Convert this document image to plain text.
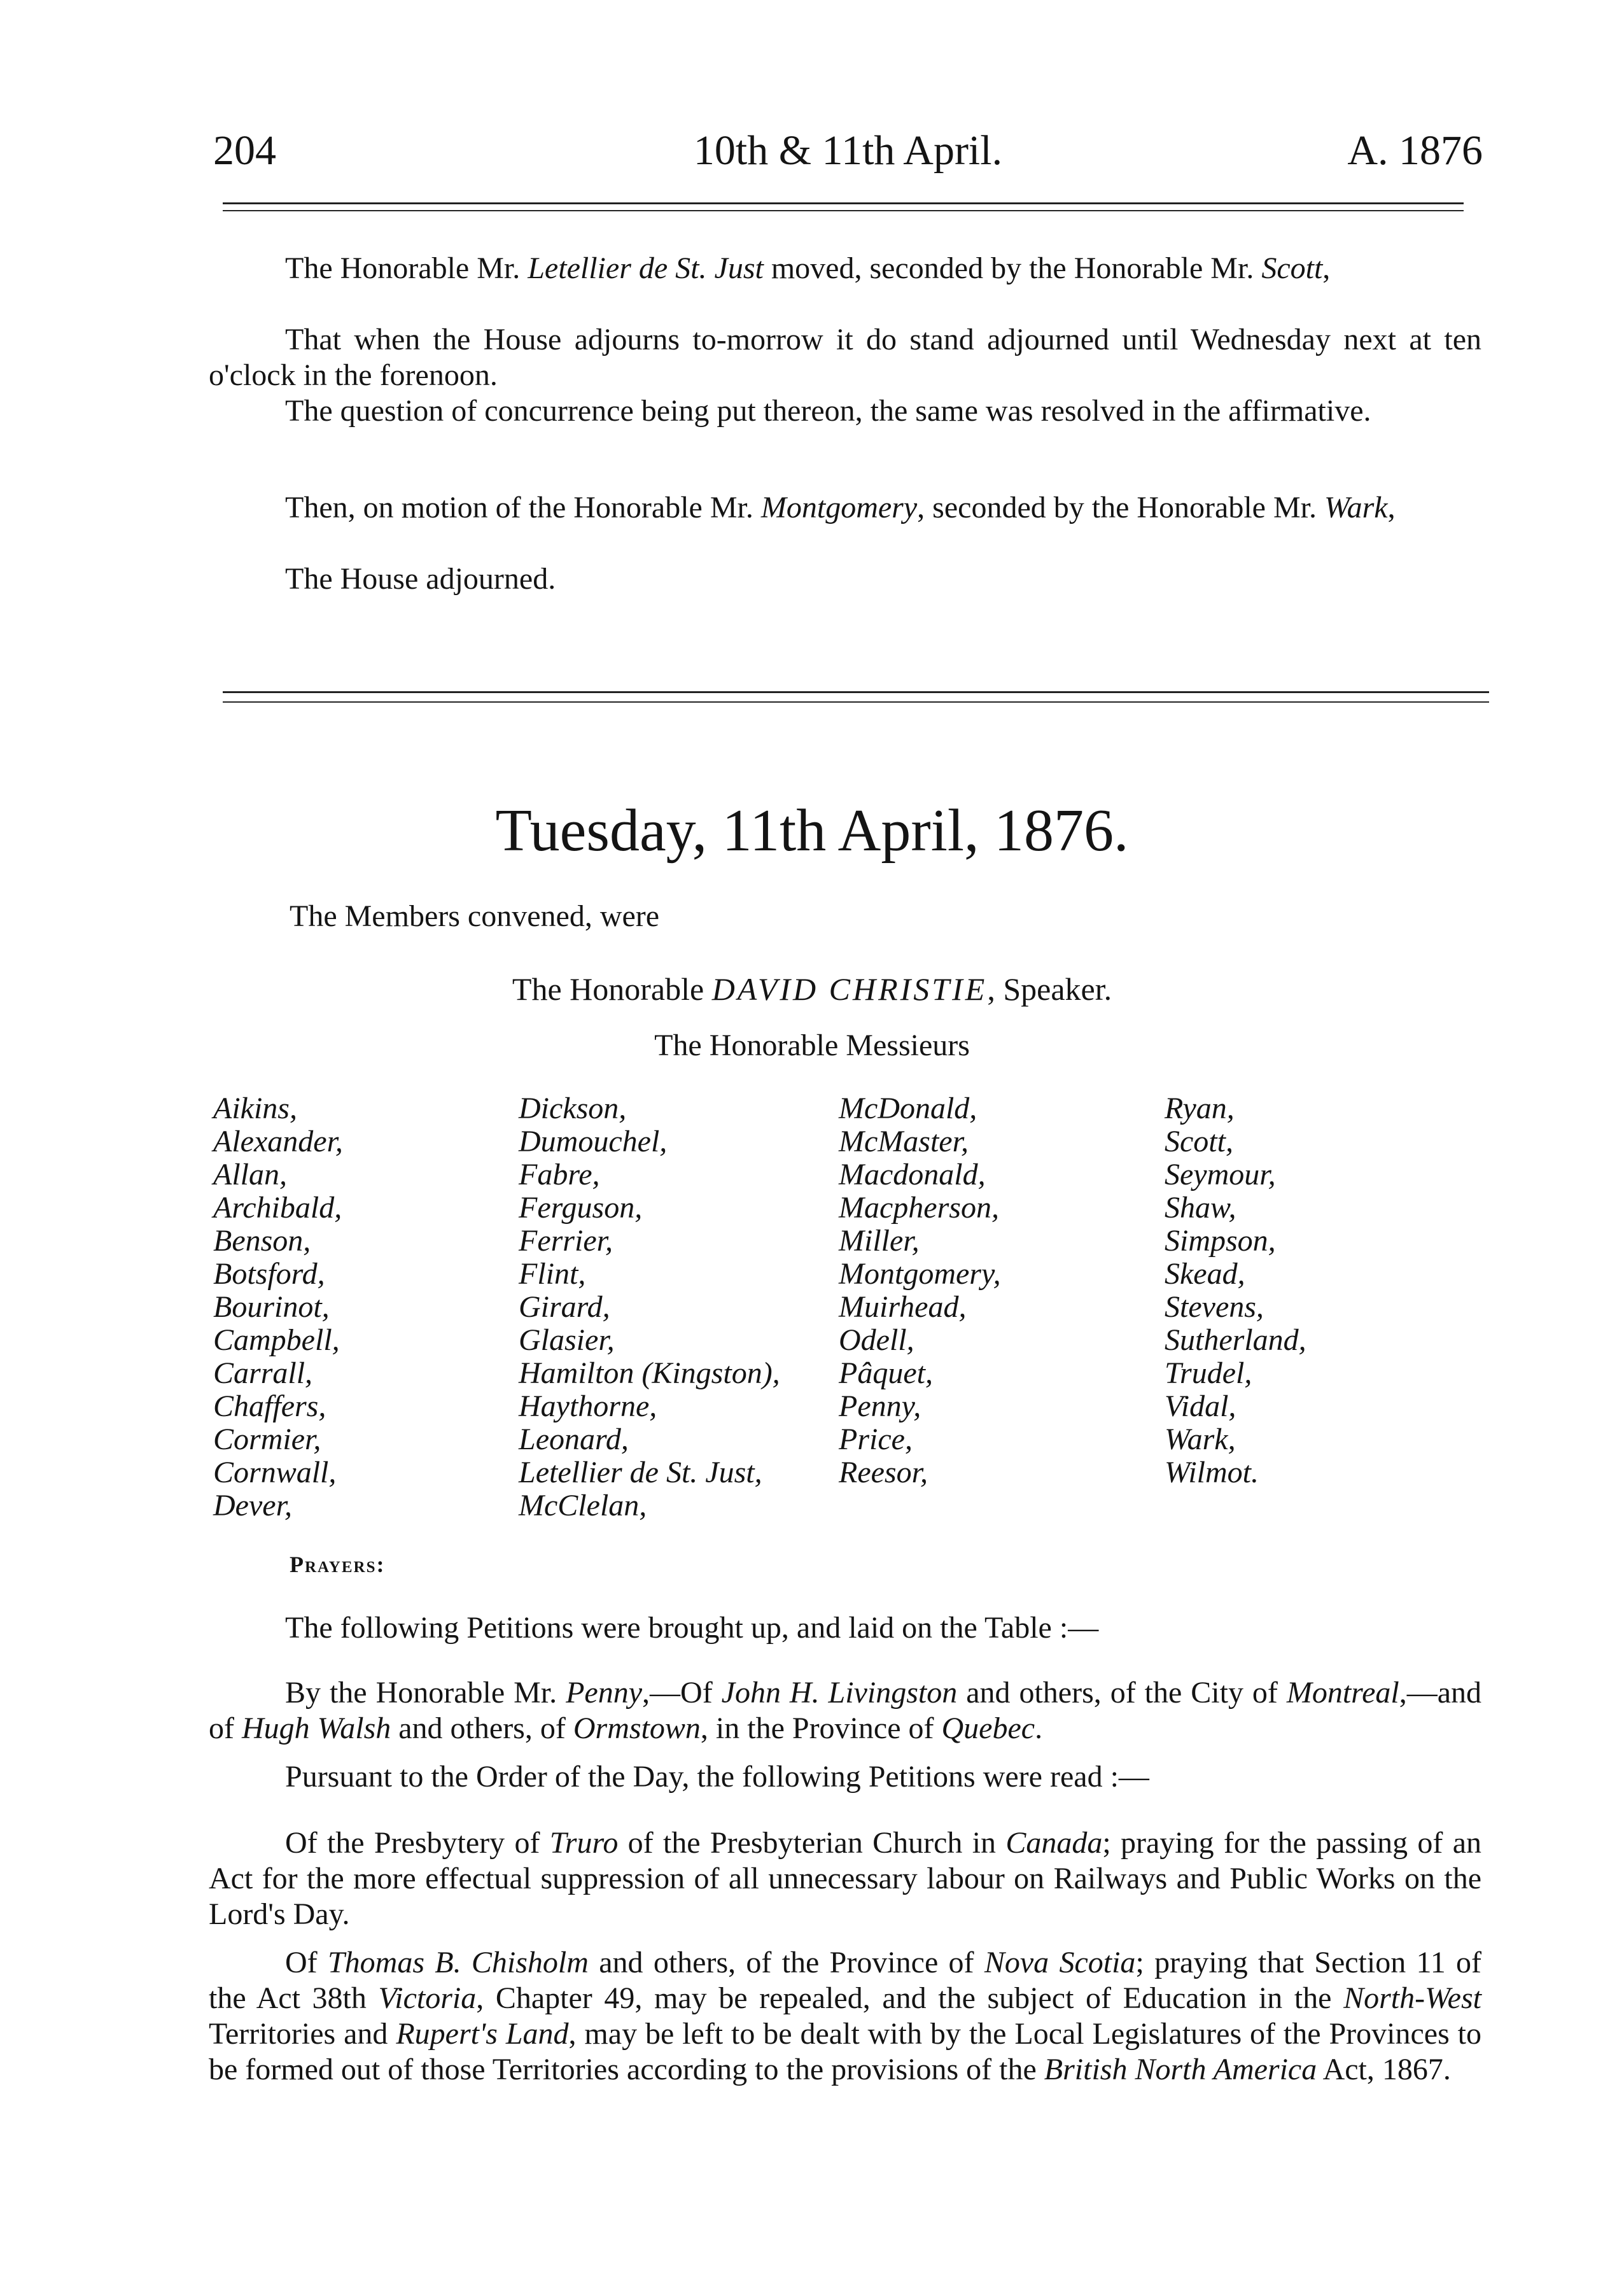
204	10th & 11th April.	A. 1876

The Honorable Mr. Letellier de St. Just moved, seconded by the Honorable Mr. Scott,

That when the House adjourns to-morrow it do stand adjourned until Wednesday next at ten o'clock in the forenoon.

The question of concurrence being put thereon, the same was resolved in the affirmative.

Then, on motion of the Honorable Mr. Montgomery, seconded by the Honorable Mr. Wark,

The House adjourned.

Tuesday, 11th April, 1876.

The Members convened, were

The Honorable DAVID CHRISTIE, Speaker.
The Honorable Messieurs
Aikins,
Alexander,
Allan,
Archibald,
Benson,
Botsford,
Bourinot,
Campbell,
Carrall,
Chaffers,
Cormier,
Cornwall,
Dever,
Dickson,
Dumouchel,
Fabre,
Ferguson,
Ferrier,
Flint,
Girard,
Glasier,
Hamilton (Kingston),
Haythorne,
Leonard,
Letellier de St. Just,
McClelan,
McDonald,
McMaster,
Macdonald,
Macpherson,
Miller,
Montgomery,
Muirhead,
Odell,
Pâquet,
Penny,
Price,
Reesor,
Ryan,
Scott,
Seymour,
Shaw,
Simpson,
Skead,
Stevens,
Sutherland,
Trudel,
Vidal,
Wark,
Wilmot.
Prayers:

The following Petitions were brought up, and laid on the Table :—

By the Honorable Mr. Penny,—Of John H. Livingston and others, of the City of Montreal,—and of Hugh Walsh and others, of Ormstown, in the Province of Quebec.

Pursuant to the Order of the Day, the following Petitions were read :—

Of the Presbytery of Truro of the Presbyterian Church in Canada; praying for the passing of an Act for the more effectual suppression of all unnecessary labour on Railways and Public Works on the Lord's Day.

Of Thomas B. Chisholm and others, of the Province of Nova Scotia; praying that Section 11 of the Act 38th Victoria, Chapter 49, may be repealed, and the subject of Education in the North-West Territories and Rupert's Land, may be left to be dealt with by the Local Legislatures of the Provinces to be formed out of those Territories according to the provisions of the British North America Act, 1867.
